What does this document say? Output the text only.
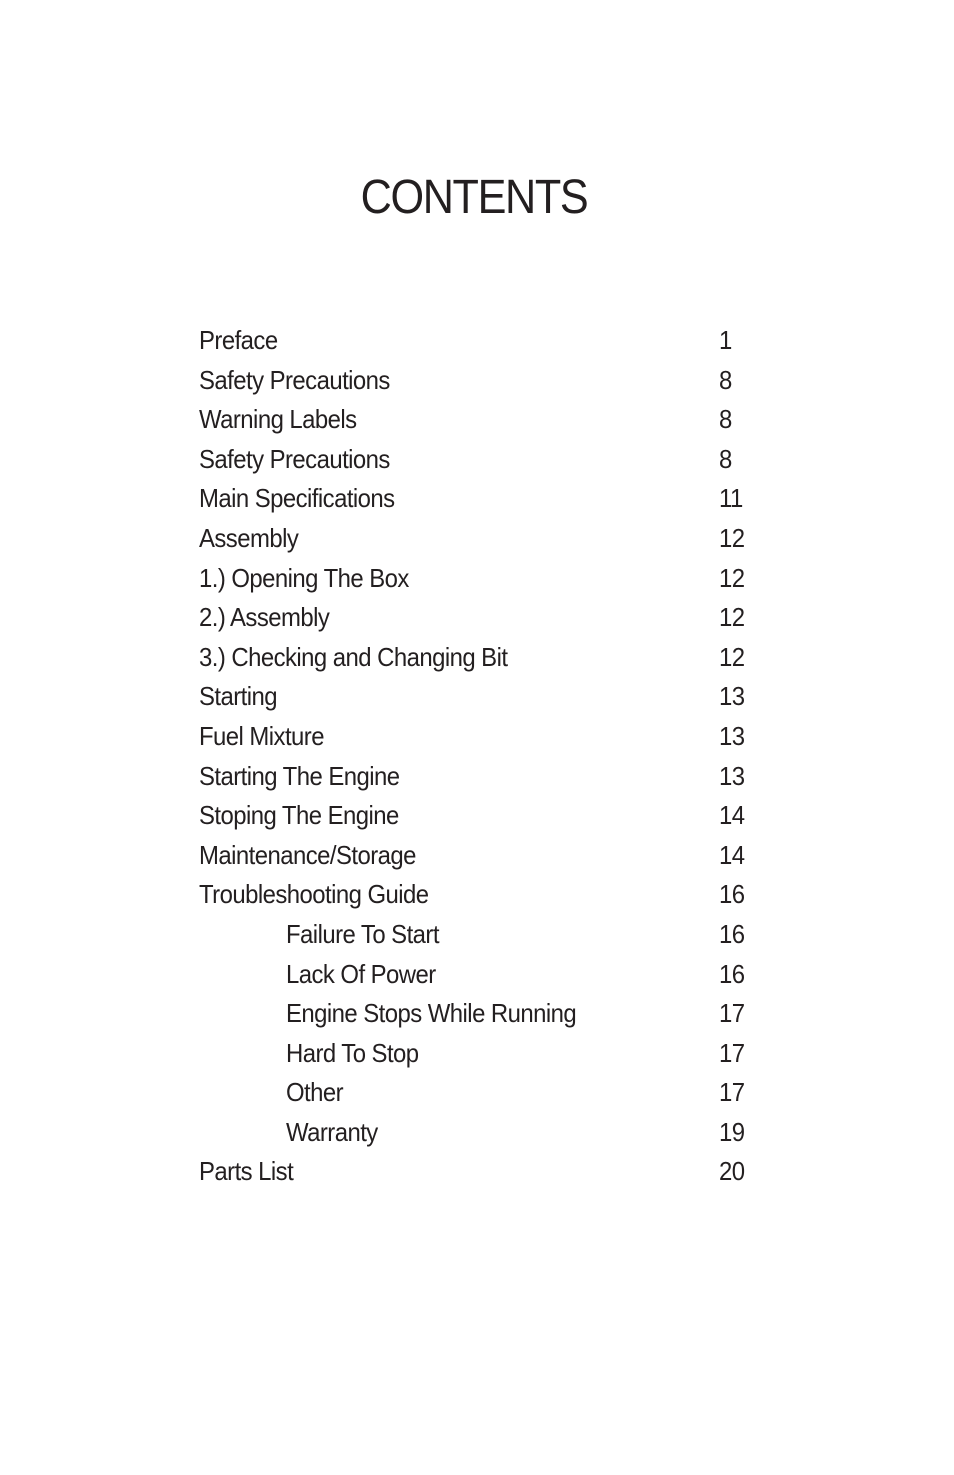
CONTENTS
Preface	1
Safety Precautions	8
Warning Labels	8
Safety Precautions	8
Main Specifications	11
Assembly	12
1.) Opening The Box	12
2.) Assembly	12
3.) Checking and Changing Bit	12
Starting	13
Fuel Mixture	13
Starting The Engine	13
Stoping The Engine	14
Maintenance/Storage	14
Troubleshooting Guide	16
Failure To Start	16
Lack Of Power	16
Engine Stops While Running	17
Hard To Stop	17
Other	17
Warranty	19
Parts List	20
